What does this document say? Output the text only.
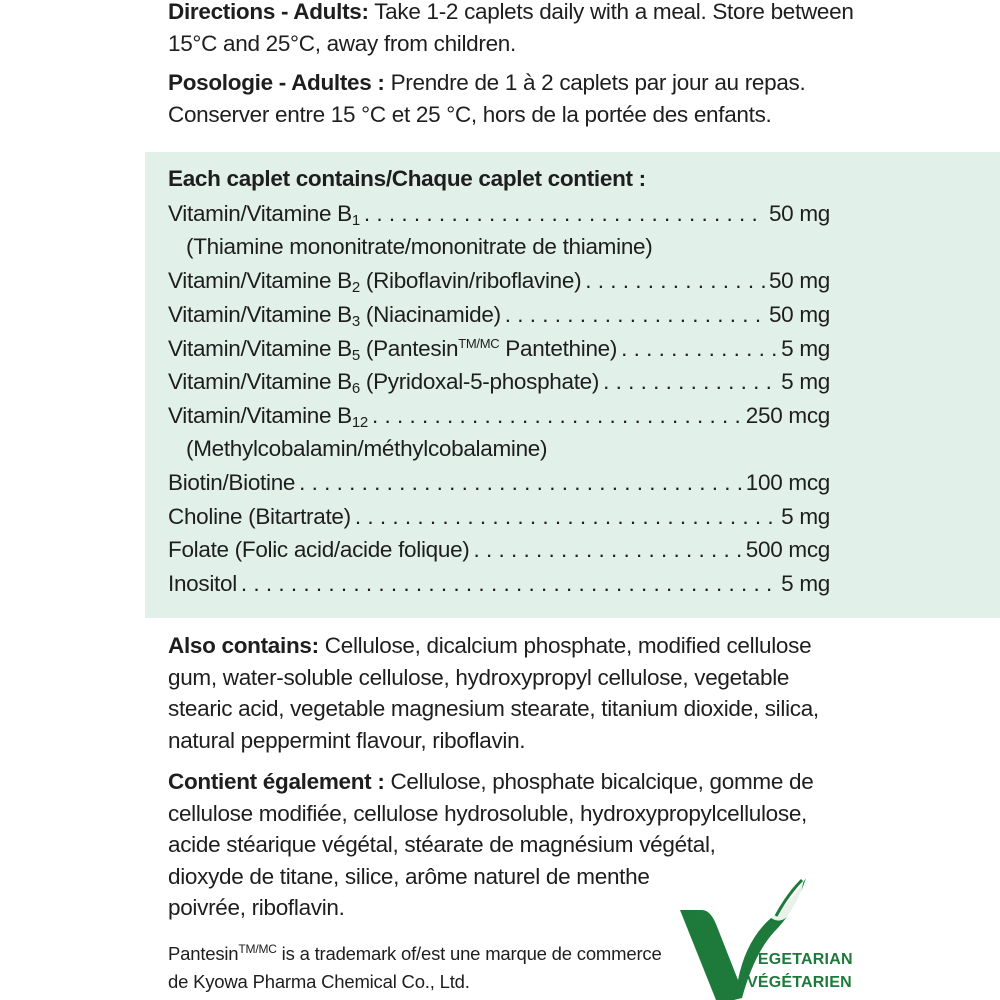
Directions - Adults: Take 1-2 caplets daily with a meal. Store between 15°C and 25°C, away from children.
Posologie - Adultes : Prendre de 1 à 2 caplets par jour au repas. Conserver entre 15 °C et 25 °C, hors de la portée des enfants.
Each caplet contains/Chaque caplet contient :
Vitamin/Vitamine $B_1$ . . .	50 mg
(Thiamine mononitrate/mononitrate de thiamine)
Vitamin/Vitamine $B_2$ (Riboflavin/riboflavine) . . .	50 mg
Vitamin/Vitamine $B_3$ (Niacinamide) . . .	50 mg
Vitamin/Vitamine $B_5$ (Pantesin$^{TM/MC}$ Pantethine) . . .	5 mg
Vitamin/Vitamine $B_6$ (Pyridoxal-5-phosphate) . . .	5 mg
Vitamin/Vitamine $B_{12}$ . . .	250 mcg
(Methylcobalamin/méthylcobalamine)
Biotin/Biotine . . .	100 mcg
Choline (Bitartrate) . . .	5 mg
Folate (Folic acid/acide folique) . . .	500 mcg
Inositol . . .	5 mg
Also contains: Cellulose, dicalcium phosphate, modified cellulose gum, water-soluble cellulose, hydroxypropyl cellulose, vegetable stearic acid, vegetable magnesium stearate, titanium dioxide, silica, natural peppermint flavour, riboflavin.
Contient également : Cellulose, phosphate bicalcique, gomme de cellulose modifiée, cellulose hydrosoluble, hydroxypropylcellulose, acide stéarique végétal, stéarate de magnésium végétal,
dioxyde de titane, silice, arôme naturel de menthe
poivrée, riboflavin.
Pantesin$^{TM/MC}$ is a trademark of/est une marque de commerce de Kyowa Pharma Chemical Co., Ltd.
VEGETARIAN
VÉGÉTARIEN
